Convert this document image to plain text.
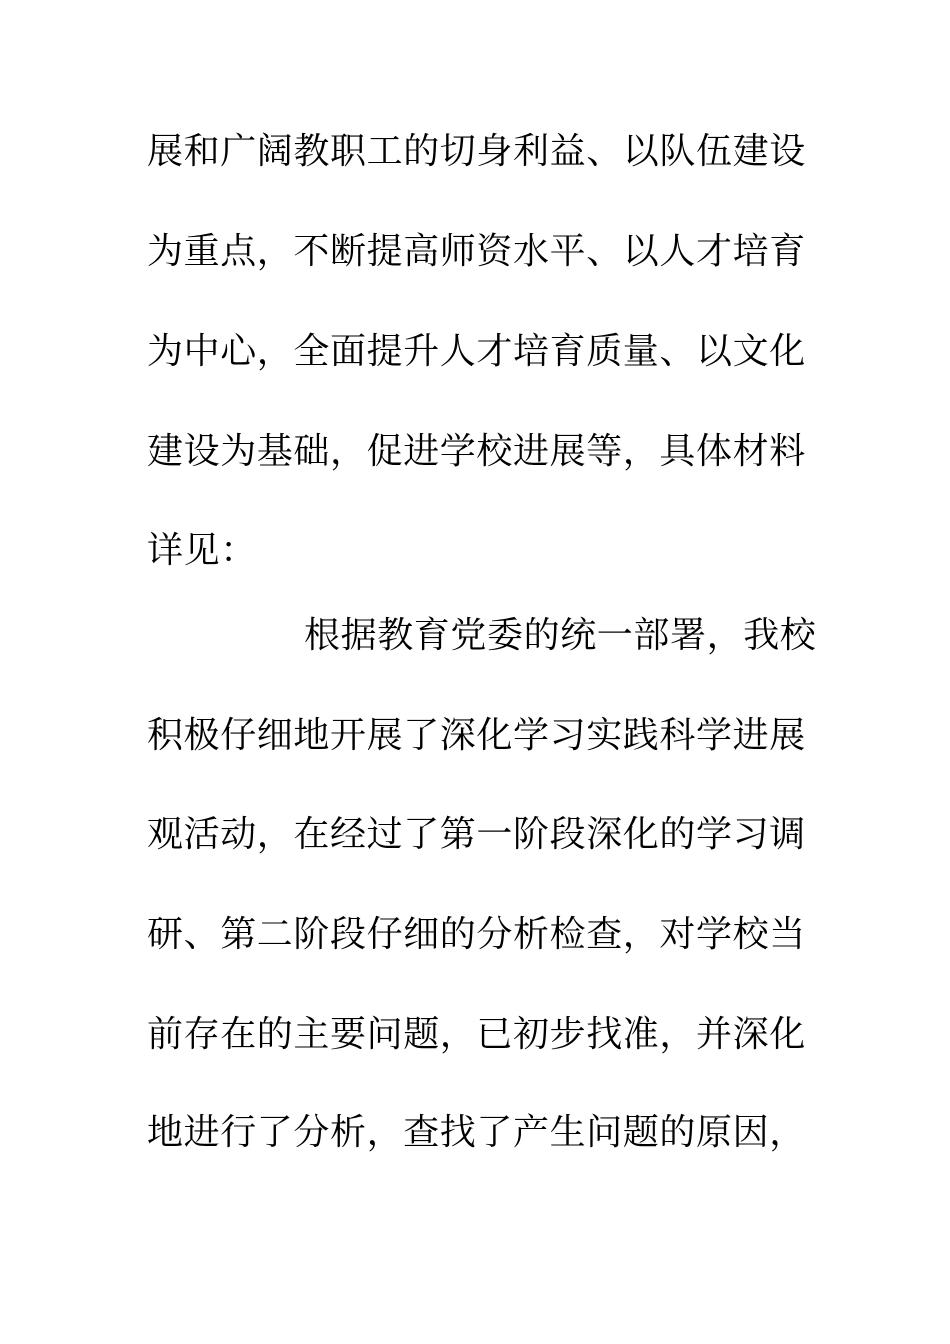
展和广阔教职工的切身利益、以队伍建设
为重点，不断提高师资水平、以人才培育
为中心，全面提升人才培育质量、以文化
建设为基础，促进学校进展等，具体材料
详见：
根据教育党委的统一部署，我校
积极仔细地开展了深化学习实践科学进展
观活动，在经过了第一阶段深化的学习调
研、第二阶段仔细的分析检查，对学校当
前存在的主要问题，已初步找准，并深化
地进行了分析，查找了产生问题的原因，
